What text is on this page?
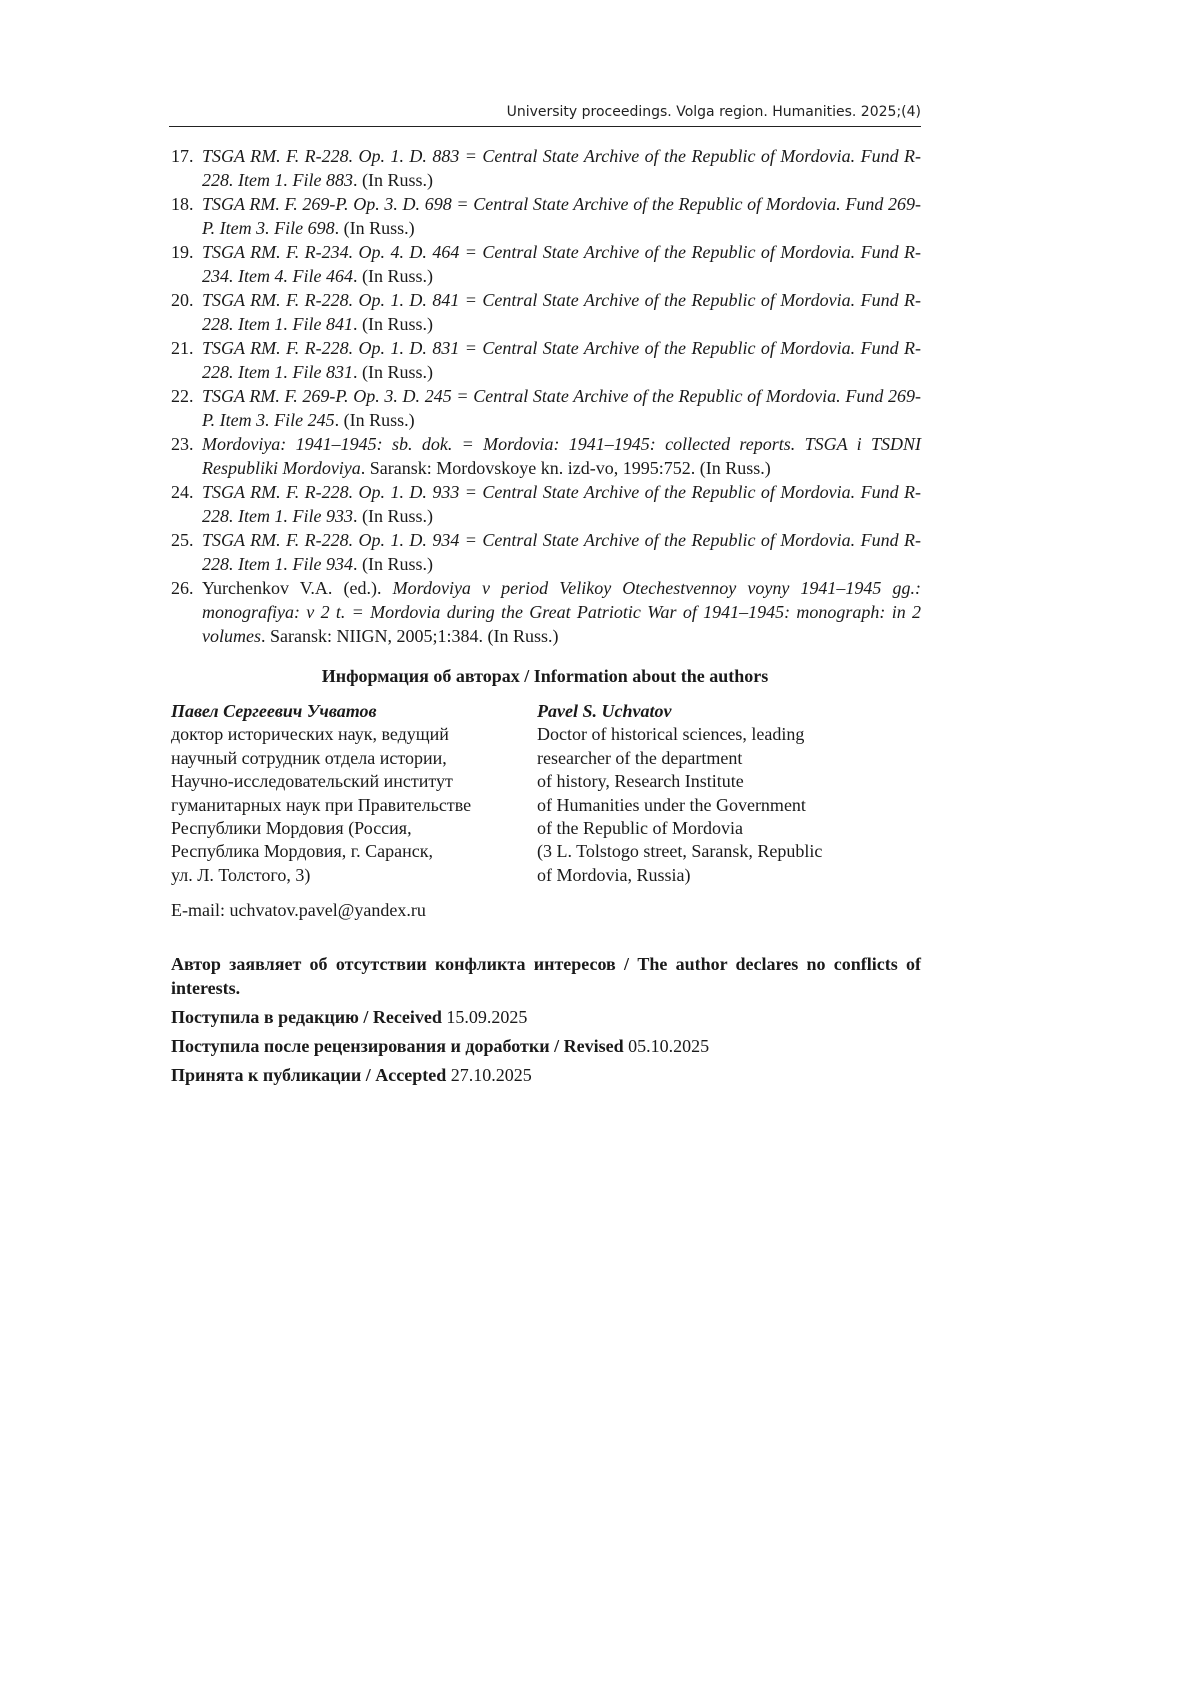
University proceedings. Volga region. Humanities. 2025;(4)
17. TSGA RM. F. R-228. Op. 1. D. 883 = Central State Archive of the Republic of Mordovia. Fund R-228. Item 1. File 883. (In Russ.)
18. TSGA RM. F. 269-P. Op. 3. D. 698 = Central State Archive of the Republic of Mordovia. Fund 269-P. Item 3. File 698. (In Russ.)
19. TSGA RM. F. R-234. Op. 4. D. 464 = Central State Archive of the Republic of Mordovia. Fund R-234. Item 4. File 464. (In Russ.)
20. TSGA RM. F. R-228. Op. 1. D. 841 = Central State Archive of the Republic of Mordovia. Fund R-228. Item 1. File 841. (In Russ.)
21. TSGA RM. F. R-228. Op. 1. D. 831 = Central State Archive of the Republic of Mordovia. Fund R-228. Item 1. File 831. (In Russ.)
22. TSGA RM. F. 269-P. Op. 3. D. 245 = Central State Archive of the Republic of Mordovia. Fund 269-P. Item 3. File 245. (In Russ.)
23. Mordoviya: 1941–1945: sb. dok. = Mordovia: 1941–1945: collected reports. TSGA i TSDNI Respubliki Mordoviya. Saransk: Mordovskoye kn. izd-vo, 1995:752. (In Russ.)
24. TSGA RM. F. R-228. Op. 1. D. 933 = Central State Archive of the Republic of Mordovia. Fund R-228. Item 1. File 933. (In Russ.)
25. TSGA RM. F. R-228. Op. 1. D. 934 = Central State Archive of the Republic of Mordovia. Fund R-228. Item 1. File 934. (In Russ.)
26. Yurchenkov V.A. (ed.). Mordoviya v period Velikoy Otechestvennoy voyny 1941–1945 gg.: monografiya: v 2 t. = Mordovia during the Great Patriotic War of 1941–1945: monograph: in 2 volumes. Saransk: NIIGN, 2005;1:384. (In Russ.)
Информация об авторах / Information about the authors
Павел Сергеевич Учватов
доктор исторических наук, ведущий
научный сотрудник отдела истории,
Научно-исследовательский институт
гуманитарных наук при Правительстве
Республики Мордовия (Россия,
Республика Мордовия, г. Саранск,
ул. Л. Толстого, 3)
Pavel S. Uchvatov
Doctor of historical sciences, leading
researcher of the department
of history, Research Institute
of Humanities under the Government
of the Republic of Mordovia
(3 L. Tolstogo street, Saransk, Republic
of Mordovia, Russia)
E-mail: uchvatov.pavel@yandex.ru
Автор заявляет об отсутствии конфликта интересов / The author declares no conflicts of interests.
Поступила в редакцию / Received 15.09.2025
Поступила после рецензирования и доработки / Revised 05.10.2025
Принята к публикации / Accepted 27.10.2025
